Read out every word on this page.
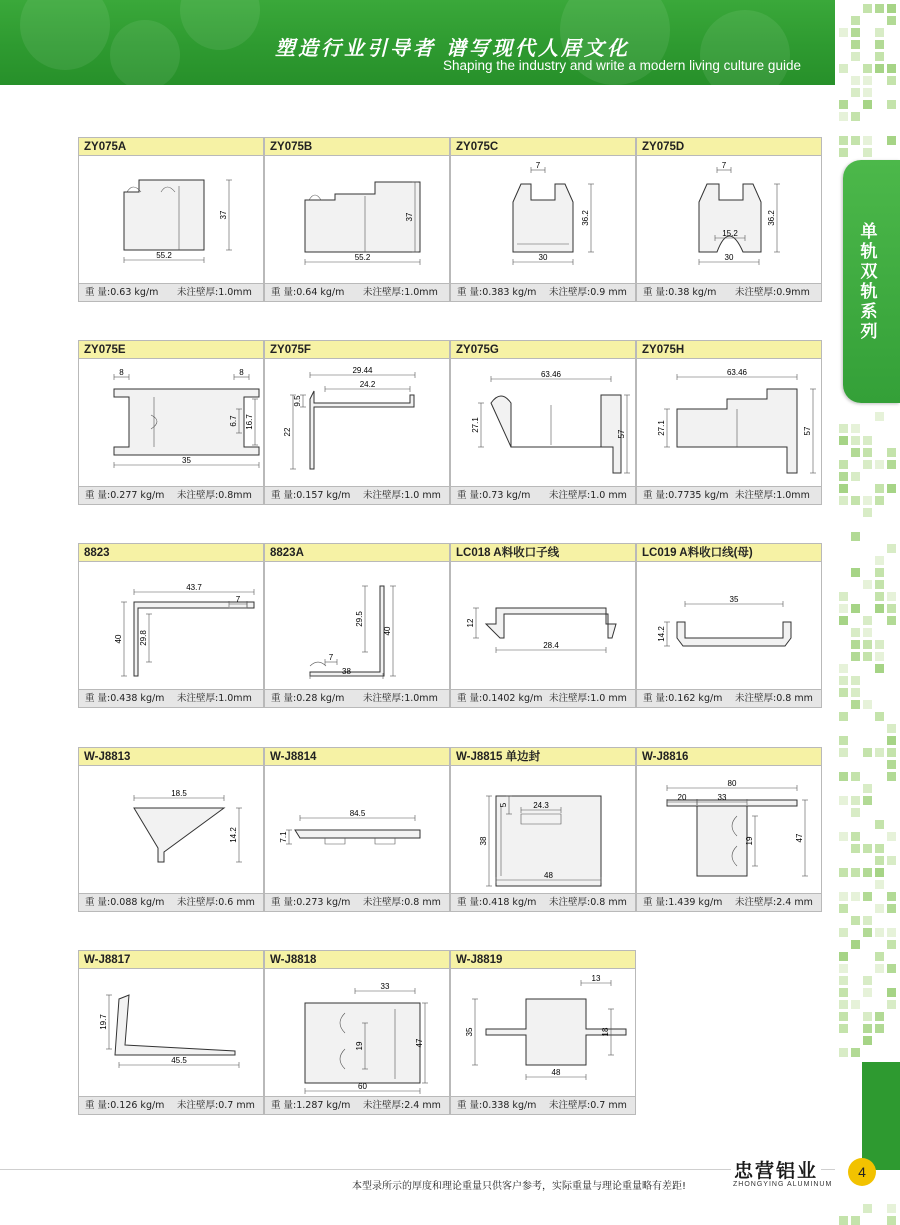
塑造行业引导者 谱写现代人居文化
Shaping the industry and write a modern living culture guide
单轨双轨系列
ZY075A
37
55.2
重 量:0.63 kg/m 未注壁厚:1.0mm
ZY075B
37
55.2
重 量:0.64 kg/m 未注壁厚:1.0mm
ZY075C
7
36.2
30
重 量:0.383 kg/m 未注壁厚:0.9 mm
ZY075D
7
36.2
15.2
30
重 量:0.38 kg/m 未注壁厚:0.9mm
ZY075E
8	8
6.7 16.7
35
重 量:0.277 kg/m 未注壁厚:0.8mm
ZY075F
29.44
24.2
9.5
22
重 量:0.157 kg/m 未注壁厚:1.0 mm
ZY075G
63.46
27.1
57
重 量:0.73 kg/m 未注壁厚:1.0 mm
ZY075H
63.46
27.1	57
重 量:0.7735 kg/m 未注壁厚:1.0mm
8823
43.7
7
40 29.8
重 量:0.438 kg/m 未注壁厚:1.0mm
8823A
29.5
40
7
38
重 量:0.28 kg/m 未注壁厚:1.0mm
LC018 A料收口子线
12
28.4
重 量:0.1402 kg/m 未注壁厚:1.0 mm
LC019 A料收口线(母)
35
14.2
重 量:0.162 kg/m 未注壁厚:0.8 mm
W-J8813
18.5
14.2
重 量:0.088 kg/m 未注壁厚:0.6 mm
W-J8814
84.5
7.1
重 量:0.273 kg/m 未注壁厚:0.8 mm
W-J8815 单边封
5	24.3
38
48
重 量:0.418 kg/m 未注壁厚:0.8 mm
W-J8816
80
20	33
19	47
重 量:1.439 kg/m 未注壁厚:2.4 mm
W-J8817
19.7
45.5
重 量:0.126 kg/m 未注壁厚:0.7 mm
W-J8818
33
19	47
60
重 量:1.287 kg/m 未注壁厚:2.4 mm
W-J8819
13
35	18
48
重 量:0.338 kg/m 未注壁厚:0.7 mm
忠营铝业
ZHONGYING ALUMINUM
4
本型录所示的厚度和理论重量只供客户参考，实际重量与理论重量略有差距!
